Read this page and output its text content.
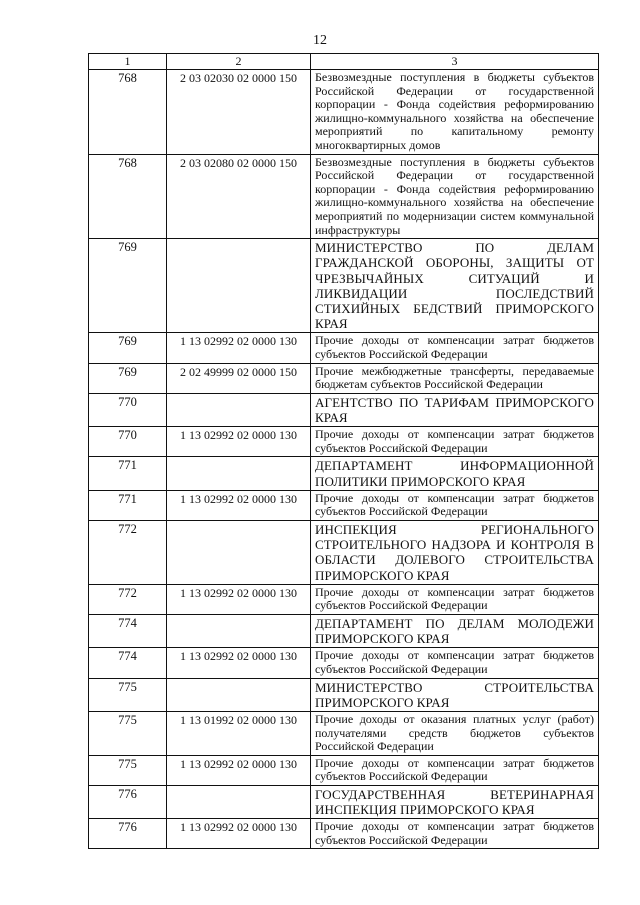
12
1	2	3
768	2 03 02030 02 0000 150	Безвозмездные поступления в бюджеты субъектов Российской Федерации от государственной корпорации - Фонда содействия реформированию жилищно-коммунального хозяйства на обеспечение мероприятий по капитальному ремонту многоквартирных домов
768	2 03 02080 02 0000 150	Безвозмездные поступления в бюджеты субъектов Российской Федерации от государственной корпорации - Фонда содействия реформированию жилищно-коммунального хозяйства на обеспечение мероприятий по модернизации систем коммунальной инфраструктуры
769		МИНИСТЕРСТВО ПО ДЕЛАМ ГРАЖДАНСКОЙ ОБОРОНЫ, ЗАЩИТЫ ОТ ЧРЕЗВЫЧАЙНЫХ СИТУАЦИЙ И ЛИКВИДАЦИИ ПОСЛЕДСТВИЙ СТИХИЙНЫХ БЕДСТВИЙ ПРИМОРСКОГО КРАЯ
769	1 13 02992 02 0000 130	Прочие доходы от компенсации затрат бюджетов субъектов Российской Федерации
769	2 02 49999 02 0000 150	Прочие межбюджетные трансферты, передаваемые бюджетам субъектов Российской Федерации
770		АГЕНТСТВО ПО ТАРИФАМ ПРИМОРСКОГО КРАЯ
770	1 13 02992 02 0000 130	Прочие доходы от компенсации затрат бюджетов субъектов Российской Федерации
771		ДЕПАРТАМЕНТ ИНФОРМАЦИОННОЙ ПОЛИТИКИ ПРИМОРСКОГО КРАЯ
771	1 13 02992 02 0000 130	Прочие доходы от компенсации затрат бюджетов субъектов Российской Федерации
772		ИНСПЕКЦИЯ РЕГИОНАЛЬНОГО СТРОИТЕЛЬНОГО НАДЗОРА И КОНТРОЛЯ В ОБЛАСТИ ДОЛЕВОГО СТРОИТЕЛЬСТВА ПРИМОРСКОГО КРАЯ
772	1 13 02992 02 0000 130	Прочие доходы от компенсации затрат бюджетов субъектов Российской Федерации
774		ДЕПАРТАМЕНТ ПО ДЕЛАМ МОЛОДЕЖИ ПРИМОРСКОГО КРАЯ
774	1 13 02992 02 0000 130	Прочие доходы от компенсации затрат бюджетов субъектов Российской Федерации
775		МИНИСТЕРСТВО СТРОИТЕЛЬСТВА ПРИМОРСКОГО КРАЯ
775	1 13 01992 02 0000 130	Прочие доходы от оказания платных услуг (работ) получателями средств бюджетов субъектов Российской Федерации
775	1 13 02992 02 0000 130	Прочие доходы от компенсации затрат бюджетов субъектов Российской Федерации
776		ГОСУДАРСТВЕННАЯ ВЕТЕРИНАРНАЯ ИНСПЕКЦИЯ ПРИМОРСКОГО КРАЯ
776	1 13 02992 02 0000 130	Прочие доходы от компенсации затрат бюджетов субъектов Российской Федерации
